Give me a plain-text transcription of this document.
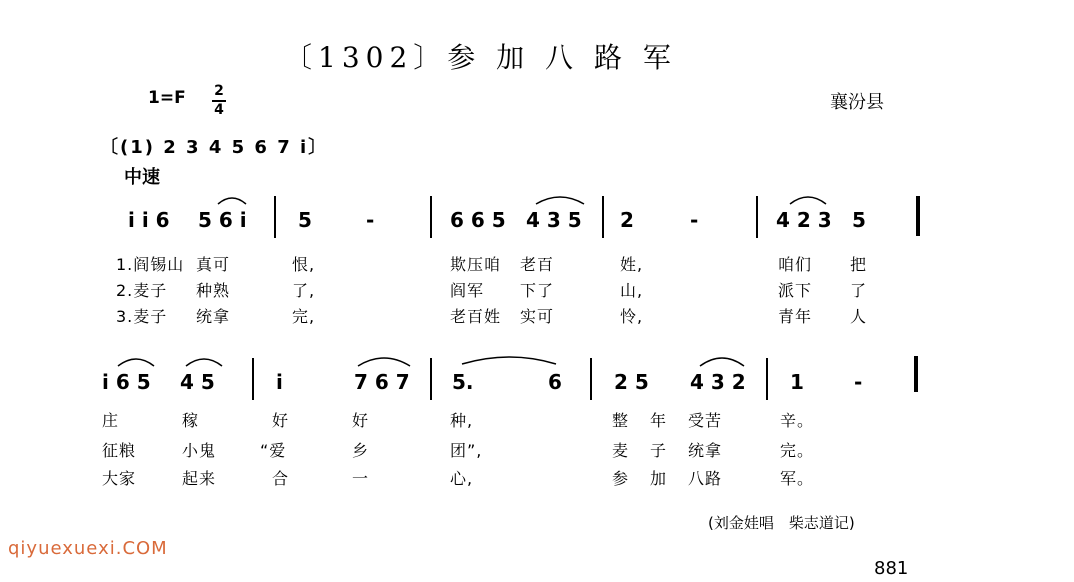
〔1302〕参 加 八 路 军
1=F 2
4	襄汾县
〔(1) 2 3 4 5 6 7 i〕
中速
i i 6 5 6 i	5	-	6 6 5 4 3 5 2	-	4 2 3 5
1.阎锡山 真可	恨,	欺压咱 老百	姓,	咱们 把
2.麦子 种熟	了,	阎军 下了	山,	派下 了
3.麦子 统拿	完,	老百姓 实可	怜,	青年 人
i 6 5 4 5	i	7 6 7 5.	6	2 5 4 3 2 1	-
庄	稼	好	好	种,	整 年 受苦	辛。
征粮	小鬼	“爱	乡	团”,	麦 子 统拿	完。
大家	起来	合	一	心,	参 加 八路	军。
(刘金娃唱　柴志道记)
881
qiyuexuexi.COM
